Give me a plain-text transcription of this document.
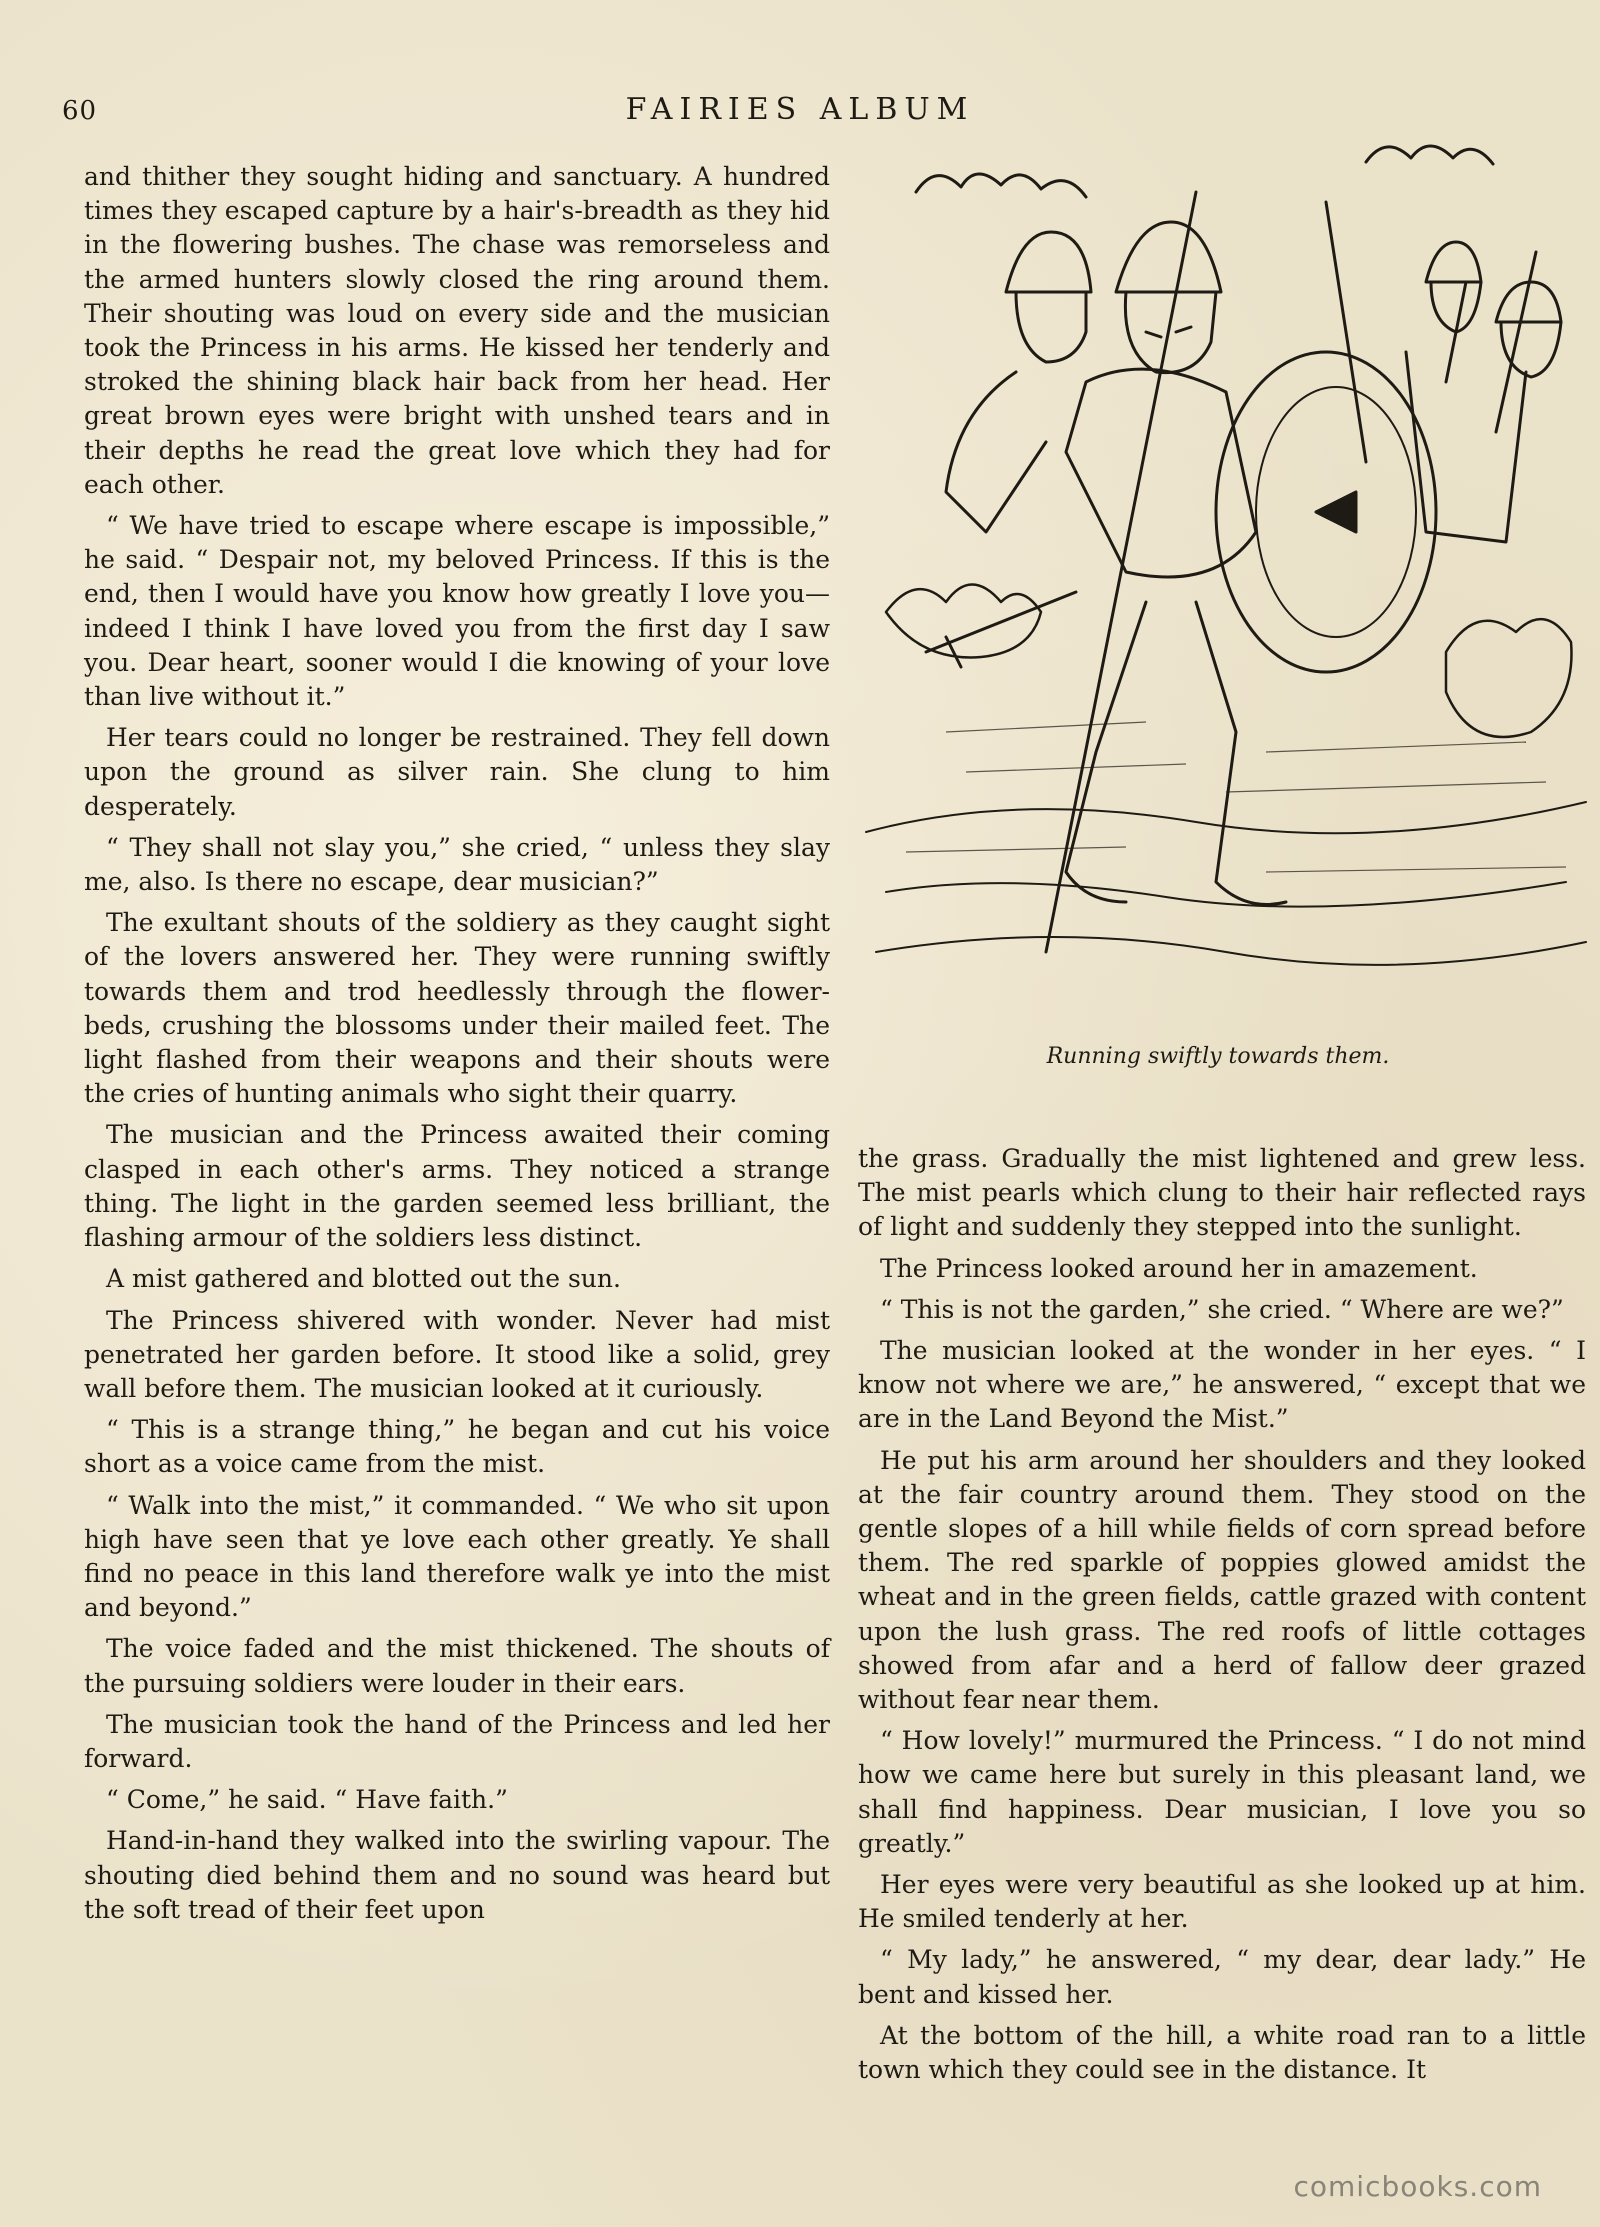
60	FAIRIES ALBUM

and thither they sought hiding and sanctuary. A hundred times they escaped capture by a hair's-breadth as they hid in the flowering bushes. The chase was remorseless and the armed hunters slowly closed the ring around them. Their shouting was loud on every side and the musician took the Princess in his arms. He kissed her tenderly and stroked the shining black hair back from her head. Her great brown eyes were bright with unshed tears and in their depths he read the great love which they had for each other.

“ We have tried to escape where escape is impossible,” he said. “ Despair not, my beloved Princess. If this is the end, then I would have you know how greatly I love you—indeed I think I have loved you from the first day I saw you. Dear heart, sooner would I die knowing of your love than live without it.”

Her tears could no longer be restrained. They fell down upon the ground as silver rain. She clung to him desperately.

“ They shall not slay you,” she cried, “ unless they slay me, also. Is there no escape, dear musician?”

The exultant shouts of the soldiery as they caught sight of the lovers answered her. They were running swiftly towards them and trod heedlessly through the flower-beds, crushing the blossoms under their mailed feet. The light flashed from their weapons and their shouts were the cries of hunting animals who sight their quarry.

The musician and the Princess awaited their coming clasped in each other's arms. They noticed a strange thing. The light in the garden seemed less brilliant, the flashing armour of the soldiers less distinct.

A mist gathered and blotted out the sun.

The Princess shivered with wonder. Never had mist penetrated her garden before. It stood like a solid, grey wall before them. The musician looked at it curiously.

“ This is a strange thing,” he began and cut his voice short as a voice came from the mist.

“ Walk into the mist,” it commanded. “ We who sit upon high have seen that ye love each other greatly. Ye shall find no peace in this land therefore walk ye into the mist and beyond.”

The voice faded and the mist thickened. The shouts of the pursuing soldiers were louder in their ears.

The musician took the hand of the Princess and led her forward.

“ Come,” he said. “ Have faith.”

Hand-in-hand they walked into the swirling vapour. The shouting died behind them and no sound was heard but the soft tread of their feet upon

Running swiftly towards them.

the grass. Gradually the mist lightened and grew less. The mist pearls which clung to their hair reflected rays of light and suddenly they stepped into the sunlight.

The Princess looked around her in amazement.

“ This is not the garden,” she cried. “ Where are we?”

The musician looked at the wonder in her eyes. “ I know not where we are,” he answered, “ except that we are in the Land Beyond the Mist.”

He put his arm around her shoulders and they looked at the fair country around them. They stood on the gentle slopes of a hill while fields of corn spread before them. The red sparkle of poppies glowed amidst the wheat and in the green fields, cattle grazed with content upon the lush grass. The red roofs of little cottages showed from afar and a herd of fallow deer grazed without fear near them.

“ How lovely!” murmured the Princess. “ I do not mind how we came here but surely in this pleasant land, we shall find happiness. Dear musician, I love you so greatly.”

Her eyes were very beautiful as she looked up at him. He smiled tenderly at her.

“ My lady,” he answered, “ my dear, dear lady.” He bent and kissed her.

At the bottom of the hill, a white road ran to a little town which they could see in the distance. It

comicbooks.com
